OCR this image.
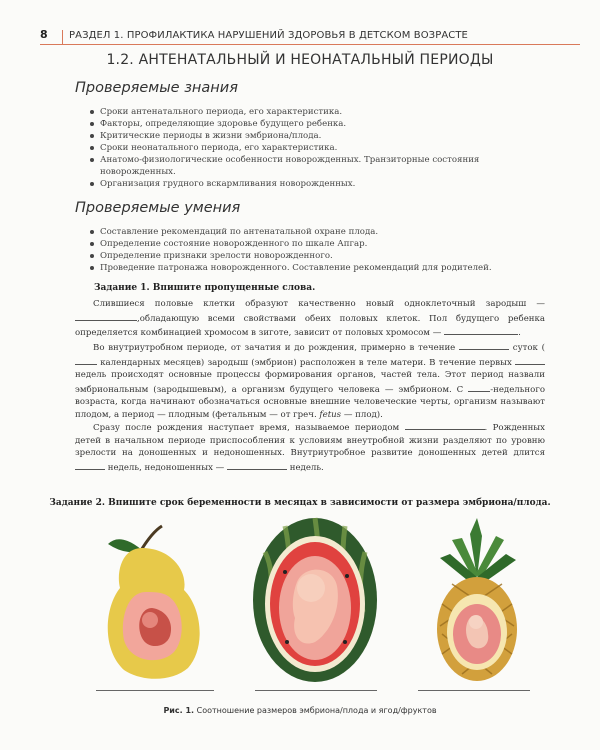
8	РАЗДЕЛ 1. ПРОФИЛАКТИКА НАРУШЕНИЙ ЗДОРОВЬЯ В ДЕТСКОМ ВОЗРАСТЕ
1.2. АНТЕНАТАЛЬНЫЙ И НЕОНАТАЛЬНЫЙ ПЕРИОДЫ
Проверяемые знания
Сроки антенатального периода, его характеристика.
Факторы, определяющие здоровье будущего ребенка.
Критические периоды в жизни эмбриона/плода.
Сроки неонатального периода, его характеристика.
Анатомо-физиологические особенности новорожденных. Транзиторные состояния новорожденных.
Организация грудного вскармливания новорожденных.
Проверяемые умения
Составление рекомендаций по антенатальной охране плода.
Определение состояние новорожденного по шкале Апгар.
Определение признаки зрелости новорожденного.
Проведение патронажа новорожденного. Составление рекомендаций для родителей.
Задание 1. Впишите пропущенные слова.

Слившиеся половые клетки образуют качественно новый одноклеточный зародыш — ,обладающую всеми свойствами обеих половых клеток. Пол будущего ребенка определяется комбинацией хромосом в зиготе, зависит от половых хромосом —	.

Во внутриутробном периоде, от зачатия и до рождения, примерно в течение	суток ( календарных месяцев) зародыш (эмбрион) расположен в теле матери. В течение первых  недель происходят основные процессы формирования органов, частей тела. Этот период назвали эмбриональным (зародышевым), а организм будущего человека — эмбрионом. С	-недельного возраста, когда начинают обозначаться основные внешние человеческие черты, организм называют плодом, а период — плодным (фетальным — от греч. fetus — плод).

Сразу после рождения наступает время, называемое периодом	. Рожденных детей в начальном периоде приспособления к условиям внеутробной жизни разделяют по уровню зрелости на доношенных и недоношенных. Внутриутробное развитие доношенных детей длится  недель, недоношенных —	недель.

Задание 2. Впишите срок беременности в месяцах в зависимости от размера эмбриона/плода.
Рис. 1. Соотношение размеров эмбриона/плода и ягод/фруктов
